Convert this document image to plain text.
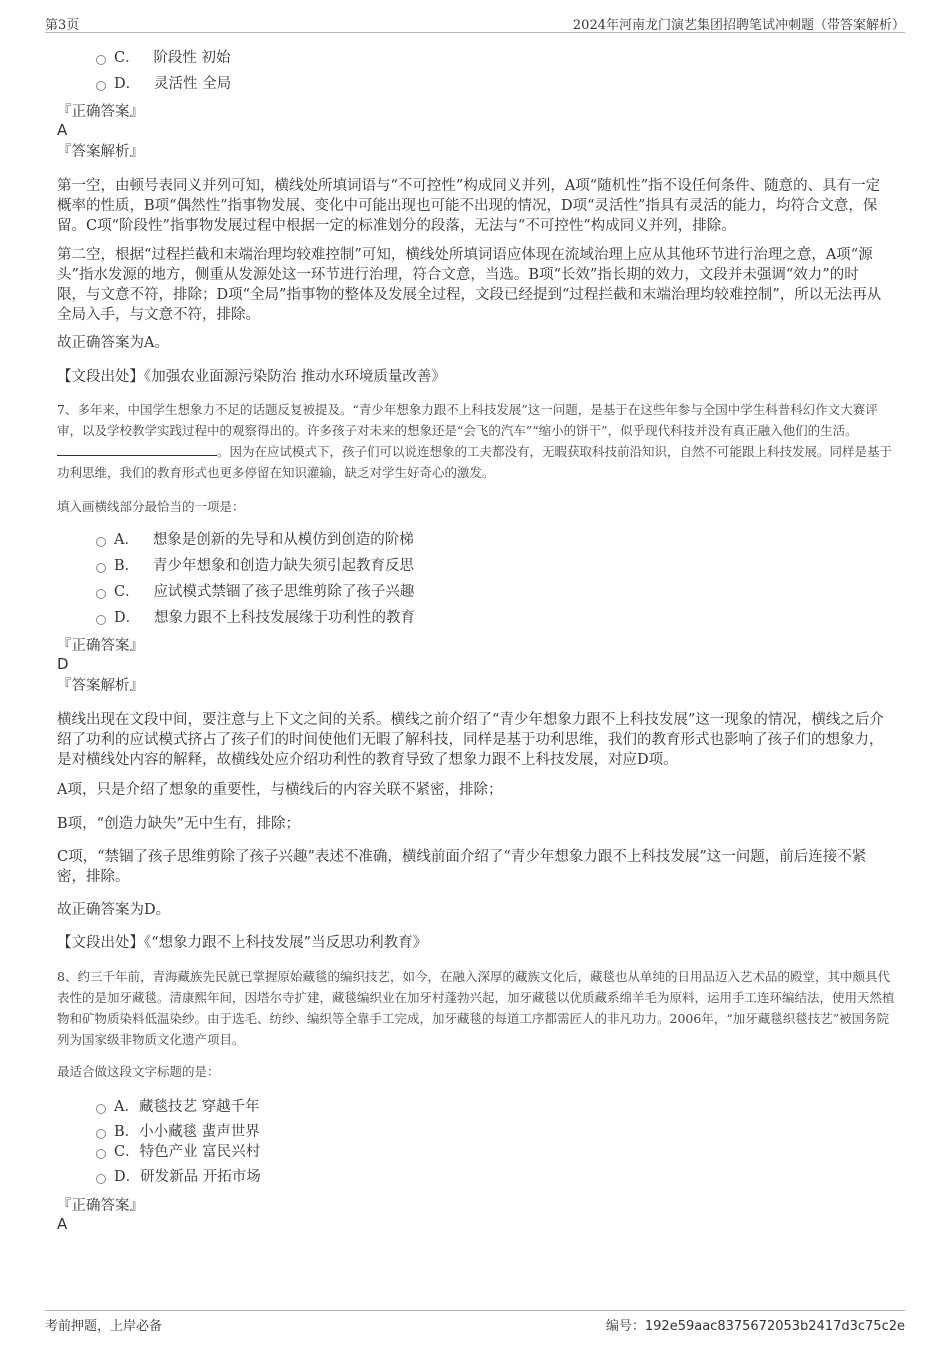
第3页	2024年河南龙门演艺集团招聘笔试冲刺题（带答案解析）
C． 阶段性 初始
D． 灵活性 全局
『正确答案』
A
『答案解析』
第一空，由顿号表同义并列可知，横线处所填词语与“不可控性”构成同义并列，A项“随机性”指不设任何条件、随意的、具有一定概率的性质，B项“偶然性”指事物发展、变化中可能出现也可能不出现的情况，D项“灵活性”指具有灵活的能力，均符合文意，保留。C项“阶段性”指事物发展过程中根据一定的标准划分的段落，无法与“不可控性”构成同义并列，排除。
第二空，根据“过程拦截和末端治理均较难控制”可知，横线处所填词语应体现在流域治理上应从其他环节进行治理之意，A项“源头”指水发源的地方，侧重从发源处这一环节进行治理，符合文意，当选。B项“长效”指长期的效力，文段并未强调“效力”的时限，与文意不符，排除；D项“全局”指事物的整体及发展全过程，文段已经提到“过程拦截和末端治理均较难控制”，所以无法再从全局入手，与文意不符，排除。
故正确答案为A。
【文段出处】《加强农业面源污染防治 推动水环境质量改善》
7、多年来，中国学生想象力不足的话题反复被提及。“青少年想象力跟不上科技发展”这一问题，是基于在这些年参与全国中学生科普科幻作文大赛评审，以及学校教学实践过程中的观察得出的。许多孩子对未来的想象还是“会飞的汽车”“缩小的饼干”，似乎现代科技并没有真正融入他们的生活。。因为在应试模式下，孩子们可以说连想象的工夫都没有，无暇获取科技前沿知识，自然不可能跟上科技发展。同样是基于功利思维，我们的教育形式也更多停留在知识灌输，缺乏对学生好奇心的激发。
填入画横线部分最恰当的一项是：
A． 想象是创新的先导和从模仿到创造的阶梯
B． 青少年想象和创造力缺失须引起教育反思
C． 应试模式禁锢了孩子思维剪除了孩子兴趣
D． 想象力跟不上科技发展缘于功利性的教育
『正确答案』
D
『答案解析』
横线出现在文段中间，要注意与上下文之间的关系。横线之前介绍了“青少年想象力跟不上科技发展”这一现象的情况，横线之后介绍了功利的应试模式挤占了孩子们的时间使他们无暇了解科技，同样是基于功利思维，我们的教育形式也影响了孩子们的想象力，是对横线处内容的解释，故横线处应介绍功利性的教育导致了想象力跟不上科技发展，对应D项。
A项，只是介绍了想象的重要性，与横线后的内容关联不紧密，排除；
B项，“创造力缺失”无中生有，排除；
C项，“禁锢了孩子思维剪除了孩子兴趣”表述不准确，横线前面介绍了“青少年想象力跟不上科技发展”这一问题，前后连接不紧密，排除。
故正确答案为D。
【文段出处】《“想象力跟不上科技发展”当反思功利教育》
8、约三千年前，青海藏族先民就已掌握原始藏毯的编织技艺，如今，在融入深厚的藏族文化后，藏毯也从单纯的日用品迈入艺术品的殿堂，其中颇具代表性的是加牙藏毯。清康熙年间，因塔尔寺扩建，藏毯编织业在加牙村蓬勃兴起，加牙藏毯以优质藏系绵羊毛为原料，运用手工连环编结法，使用天然植物和矿物质染料低温染纱。由于选毛、纺纱、编织等全靠手工完成，加牙藏毯的每道工序都需匠人的非凡功力。2006年，“加牙藏毯织毯技艺”被国务院列为国家级非物质文化遗产项目。
最适合做这段文字标题的是：
A．藏毯技艺 穿越千年
B．小小藏毯 蜚声世界
C．特色产业 富民兴村
D．研发新品 开拓市场
『正确答案』
A
考前押题，上岸必备	编号：192e59aac8375672053b2417d3c75c2e
